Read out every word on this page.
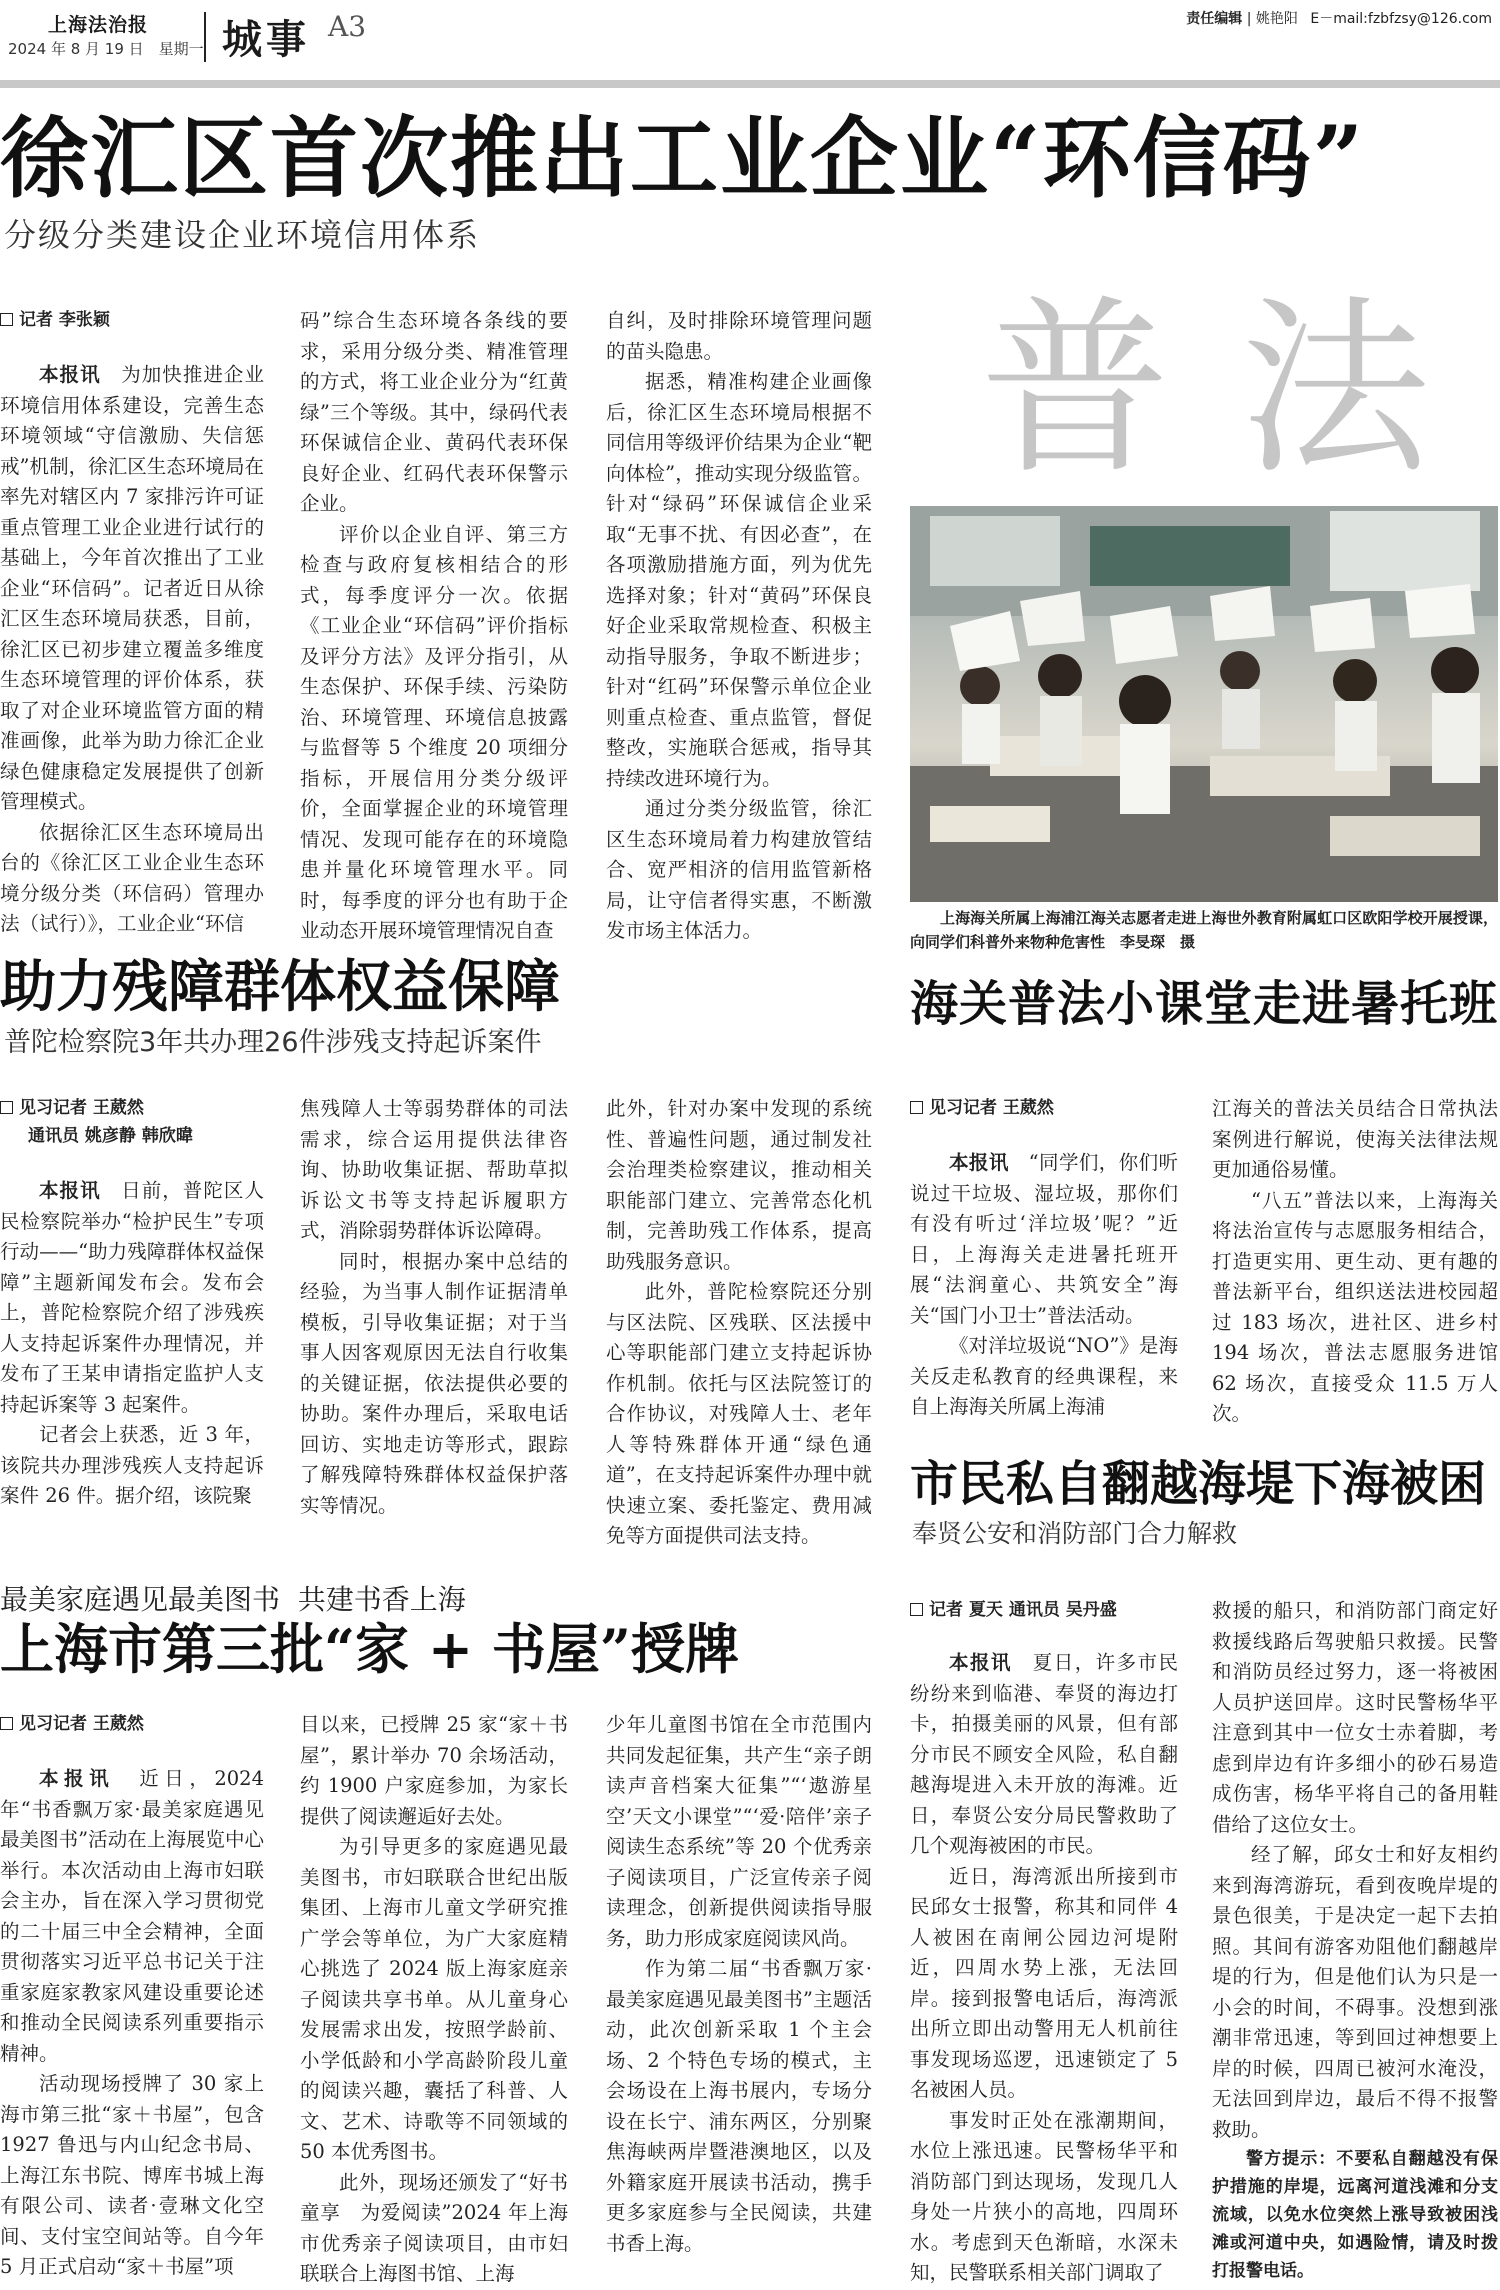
上海法治报
2024 年 8 月 19 日　星期一 城事 A3	责任编辑 | 姚艳阳 E－mail:fzbfzsy@126.com
徐汇区首次推出工业企业“环信码”
分级分类建设企业环境信用体系
记者 李张颖

本报讯　 为加快推进企业环境信用体系建设，完善生态环境领域“守信激励、失信惩戒”机制，徐汇区生态环境局在率先对辖区内 7 家排污许可证重点管理工业企业进行试行的基础上，今年首次推出了工业企业“环信码”。记者近日从徐汇区生态环境局获悉，目前，徐汇区已初步建立覆盖多维度生态环境管理的评价体系，获取了对企业环境监管方面的精准画像，此举为助力徐汇企业绿色健康稳定发展提供了创新管理模式。

依据徐汇区生态环境局出台的《徐汇区工业企业生态环境分级分类（环信码）管理办法（试行）》，工业企业“环信

码”综合生态环境各条线的要求，采用分级分类、精准管理的方式，将工业企业分为“红黄绿”三个等级。其中，绿码代表环保诚信企业、黄码代表环保良好企业、红码代表环保警示企业。

评价以企业自评、第三方检查与政府复核相结合的形式，每季度评分一次。依据《工业企业“环信码”评价指标及评分方法》及评分指引，从生态保护、环保手续、污染防治、环境管理、环境信息披露与监督等 5 个维度 20 项细分指标，开展信用分类分级评价，全面掌握企业的环境管理情况、发现可能存在的环境隐患并量化环境管理水平。同时，每季度的评分也有助于企业动态开展环境管理情况自查

自纠，及时排除环境管理问题的苗头隐患。

据悉，精准构建企业画像后，徐汇区生态环境局根据不同信用等级评价结果为企业“靶向体检”，推动实现分级监管。针对“绿码”环保诚信企业采取“无事不扰、有因必查”，在各项激励措施方面，列为优先选择对象；针对“黄码”环保良好企业采取常规检查、积极主动指导服务，争取不断进步；针对“红码”环保警示单位企业则重点检查、重点监管，督促整改，实施联合惩戒，指导其持续改进环境行为。

通过分类分级监管，徐汇区生态环境局着力构建放管结合、宽严相济的信用监管新格局，让守信者得实惠，不断激发市场主体活力。

普法
上海海关所属上海浦江海关志愿者走进上海世外教育附属虹口区欧阳学校开展授课，向同学们科普外来物种危害性　 李旻琛　摄
海关普法小课堂走进暑托班
见习记者 王葳然

本报讯　 “同学们，你们听说过干垃圾、湿垃圾，那你们有没有听过‘洋垃圾’呢？”近日，上海海关走进暑托班开展“法润童心、共筑安全”海关“国门小卫士”普法活动。

《对洋垃圾说“NO”》是海关反走私教育的经典课程，来自上海海关所属上海浦

江海关的普法关员结合日常执法案例进行解说，使海关法律法规更加通俗易懂。

“八五”普法以来，上海海关将法治宣传与志愿服务相结合，打造更实用、更生动、更有趣的普法新平台，组织送法进校园超过 183 场次，进社区、进乡村 194 场次，普法志愿服务进馆 62 场次，直接受众 11.5 万人次。

助力残障群体权益保障
普陀检察院3年共办理26件涉残支持起诉案件
见习记者 王葳然
通讯员 姚彦静 韩欣暐

本报讯　 日前，普陀区人民检察院举办“检护民生”专项行动——“助力残障群体权益保障”主题新闻发布会。发布会上，普陀检察院介绍了涉残疾人支持起诉案件办理情况，并发布了王某申请指定监护人支持起诉案等 3 起案件。

记者会上获悉，近 3 年，该院共办理涉残疾人支持起诉案件 26 件。据介绍，该院聚

焦残障人士等弱势群体的司法需求，综合运用提供法律咨询、协助收集证据、帮助草拟诉讼文书等支持起诉履职方式，消除弱势群体诉讼障碍。

同时，根据办案中总结的经验，为当事人制作证据清单模板，引导收集证据；对于当事人因客观原因无法自行收集的关键证据，依法提供必要的协助。案件办理后，采取电话回访、实地走访等形式，跟踪了解残障特殊群体权益保护落实等情况。

此外，针对办案中发现的系统性、普遍性问题，通过制发社会治理类检察建议，推动相关职能部门建立、完善常态化机制，完善助残工作体系，提高助残服务意识。

此外，普陀检察院还分别与区法院、区残联、区法援中心等职能部门建立支持起诉协作机制。依托与区法院签订的合作协议，对残障人士、老年人等特殊群体开通“绿色通道”，在支持起诉案件办理中就快速立案、委托鉴定、费用减免等方面提供司法支持。

市民私自翻越海堤下海被困
奉贤公安和消防部门合力解救
记者 夏天 通讯员 吴丹盛

本报讯　 夏日，许多市民纷纷来到临港、奉贤的海边打卡，拍摄美丽的风景，但有部分市民不顾安全风险，私自翻越海堤进入未开放的海滩。近日，奉贤公安分局民警救助了几个观海被困的市民。

近日，海湾派出所接到市民邱女士报警，称其和同伴 4 人被困在南闸公园边河堤附近，四周水势上涨，无法回岸。接到报警电话后，海湾派出所立即出动警用无人机前往事发现场巡逻，迅速锁定了 5 名被困人员。

事发时正处在涨潮期间，水位上涨迅速。民警杨华平和消防部门到达现场，发现几人身处一片狭小的高地，四周环水。考虑到天色渐暗，水深未知，民警联系相关部门调取了

救援的船只，和消防部门商定好救援线路后驾驶船只救援。民警和消防员经过努力，逐一将被困人员护送回岸。这时民警杨华平注意到其中一位女士赤着脚，考虑到岸边有许多细小的砂石易造成伤害，杨华平将自己的备用鞋借给了这位女士。

经了解，邱女士和好友相约来到海湾游玩，看到夜晚岸堤的景色很美，于是决定一起下去拍照。其间有游客劝阻他们翻越岸堤的行为，但是他们认为只是一小会的时间，不碍事。没想到涨潮非常迅速，等到回过神想要上岸的时候，四周已被河水淹没，无法回到岸边，最后不得不报警救助。

警方提示：不要私自翻越没有保护措施的岸堤，远离河道浅滩和分支流域，以免水位突然上涨导致被困浅滩或河道中央，如遇险情，请及时拨打报警电话。

最美家庭遇见最美图书  共建书香上海
上海市第三批“家 + 书屋”授牌
见习记者 王葳然

本报讯　 近日，2024 年“书香飘万家·最美家庭遇见最美图书”活动在上海展览中心举行。本次活动由上海市妇联会主办，旨在深入学习贯彻党的二十届三中全会精神，全面贯彻落实习近平总书记关于注重家庭家教家风建设重要论述和推动全民阅读系列重要指示精神。

活动现场授牌了 30 家上海市第三批“家＋书屋”，包含 1927 鲁迅与内山纪念书局、上海江东书院、博库书城上海有限公司、读者·壹琳文化空间、支付宝空间站等。自今年 5 月正式启动“家＋书屋”项

目以来，已授牌 25 家“家＋书屋”，累计举办 70 余场活动，约 1900 户家庭参加，为家长提供了阅读邂逅好去处。

为引导更多的家庭遇见最美图书，市妇联联合世纪出版集团、上海市儿童文学研究推广学会等单位，为广大家庭精心挑选了 2024 版上海家庭亲子阅读共享书单。从儿童身心发展需求出发，按照学龄前、小学低龄和小学高龄阶段儿童的阅读兴趣，囊括了科普、人文、艺术、诗歌等不同领域的 50 本优秀图书。

此外，现场还颁发了“好书童享　为爱阅读”2024 年上海市优秀亲子阅读项目，由市妇联联合上海图书馆、上海

少年儿童图书馆在全市范围内共同发起征集，共产生“亲子朗读声音档案大征集”“‘遨游星空’天文小课堂”“‘爱·陪伴’亲子阅读生态系统”等 20 个优秀亲子阅读项目，广泛宣传亲子阅读理念，创新提供阅读指导服务，助力形成家庭阅读风尚。

作为第二届“书香飘万家·最美家庭遇见最美图书”主题活动，此次创新采取 1 个主会场、2 个特色专场的模式，主会场设在上海书展内，专场分设在长宁、浦东两区，分别聚焦海峡两岸暨港澳地区，以及外籍家庭开展读书活动，携手更多家庭参与全民阅读，共建书香上海。
